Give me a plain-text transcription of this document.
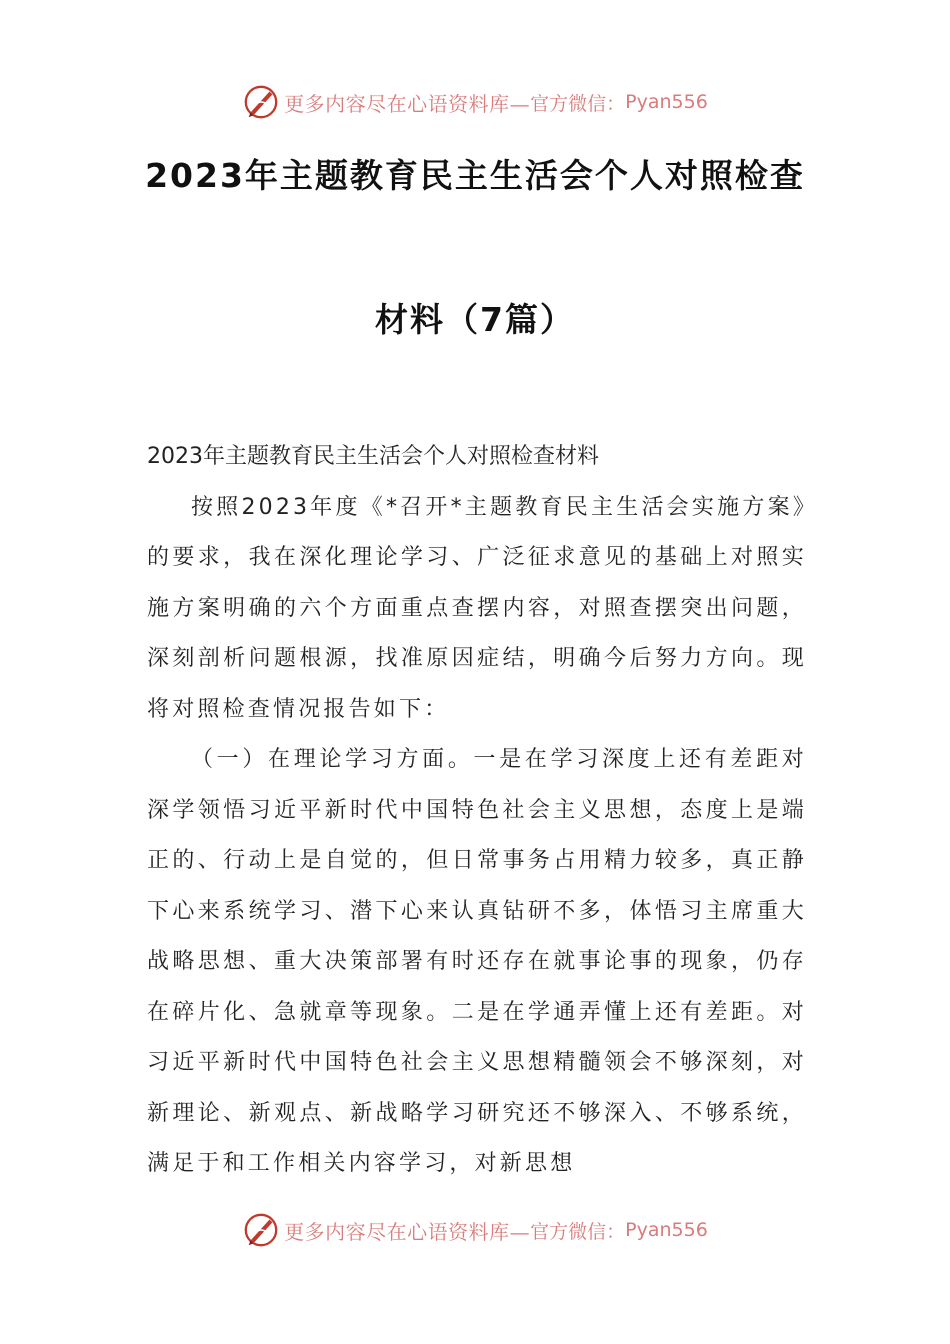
更多内容尽在心语资料库— 官方微信： Pyan556
2023年主题教育民主生活会个人对照检查
材料（7篇）
2023年主题教育民主生活会个人对照检查材料

按照2023年度《*召开*主题教育民主生活会实施方案》的要求，我在深化理论学习、广泛征求意见的基础上对照实施方案明确的六个方面重点查摆内容，对照查摆突出问题，深刻剖析问题根源，找准原因症结，明确今后努力方向。现将对照检查情况报告如下：

（一）在理论学习方面。一是在学习深度上还有差距对深学领悟习近平新时代中国特色社会主义思想，态度上是端正的、行动上是自觉的，但日常事务占用精力较多，真正静下心来系统学习、潜下心来认真钻研不多，体悟习主席重大战略思想、重大决策部署有时还存在就事论事的现象，仍存在碎片化、急就章等现象。二是在学通弄懂上还有差距。对习近平新时代中国特色社会主义思想精髓领会不够深刻，对新理论、新观点、新战略学习研究还不够深入、不够系统，满足于和工作相关内容学习，对新思想

更多内容尽在心语资料库— 官方微信： Pyan556
